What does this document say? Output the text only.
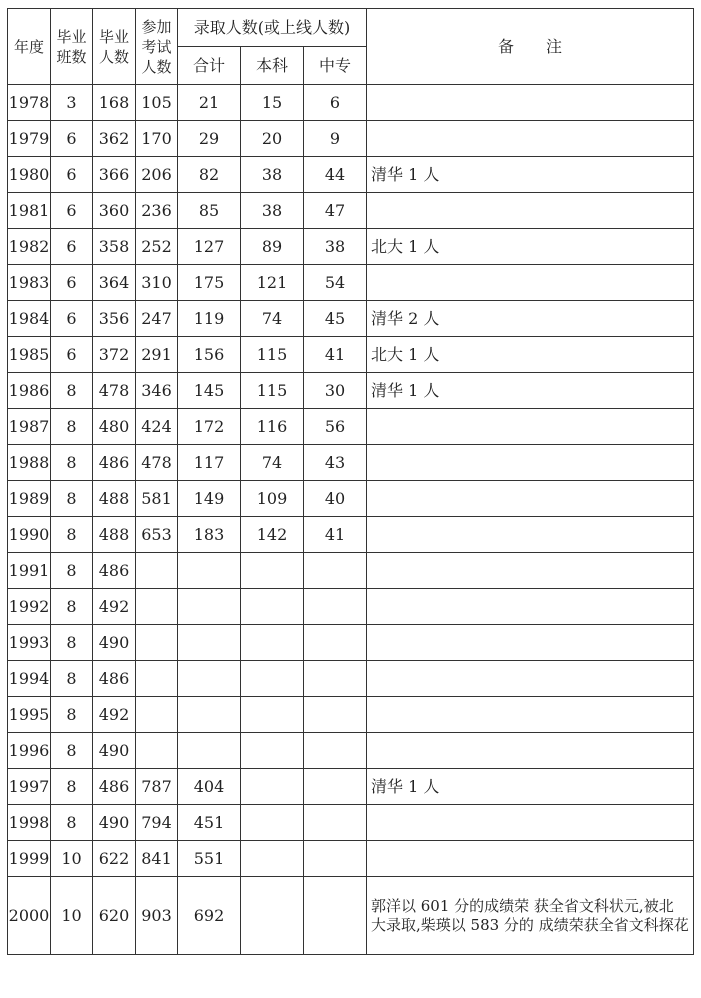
年度	毕业班数	毕业人数	参加考试人数	录取人数(或上线人数)			备　　注
				合计	本科	中专	
1978	3	168	105	21	15	6	
1979	6	362	170	29	20	9	
1980	6	366	206	82	38	44	清华 1 人
1981	6	360	236	85	38	47	
1982	6	358	252	127	89	38	北大 1 人
1983	6	364	310	175	121	54	
1984	6	356	247	119	74	45	清华 2 人
1985	6	372	291	156	115	41	北大 1 人
1986	8	478	346	145	115	30	清华 1 人
1987	8	480	424	172	116	56	
1988	8	486	478	117	74	43	
1989	8	488	581	149	109	40	
1990	8	488	653	183	142	41	
1991	8	486					
1992	8	492					
1993	8	490					
1994	8	486					
1995	8	492					
1996	8	490					
1997	8	486	787	404			清华 1 人
1998	8	490	794	451			
1999	10	622	841	551			
2000	10	620	903	692			郭洋以 601 分的成绩荣 获全省文科状元,被北 大录取,柴瑛以 583 分的 成绩荣获全省文科探花
